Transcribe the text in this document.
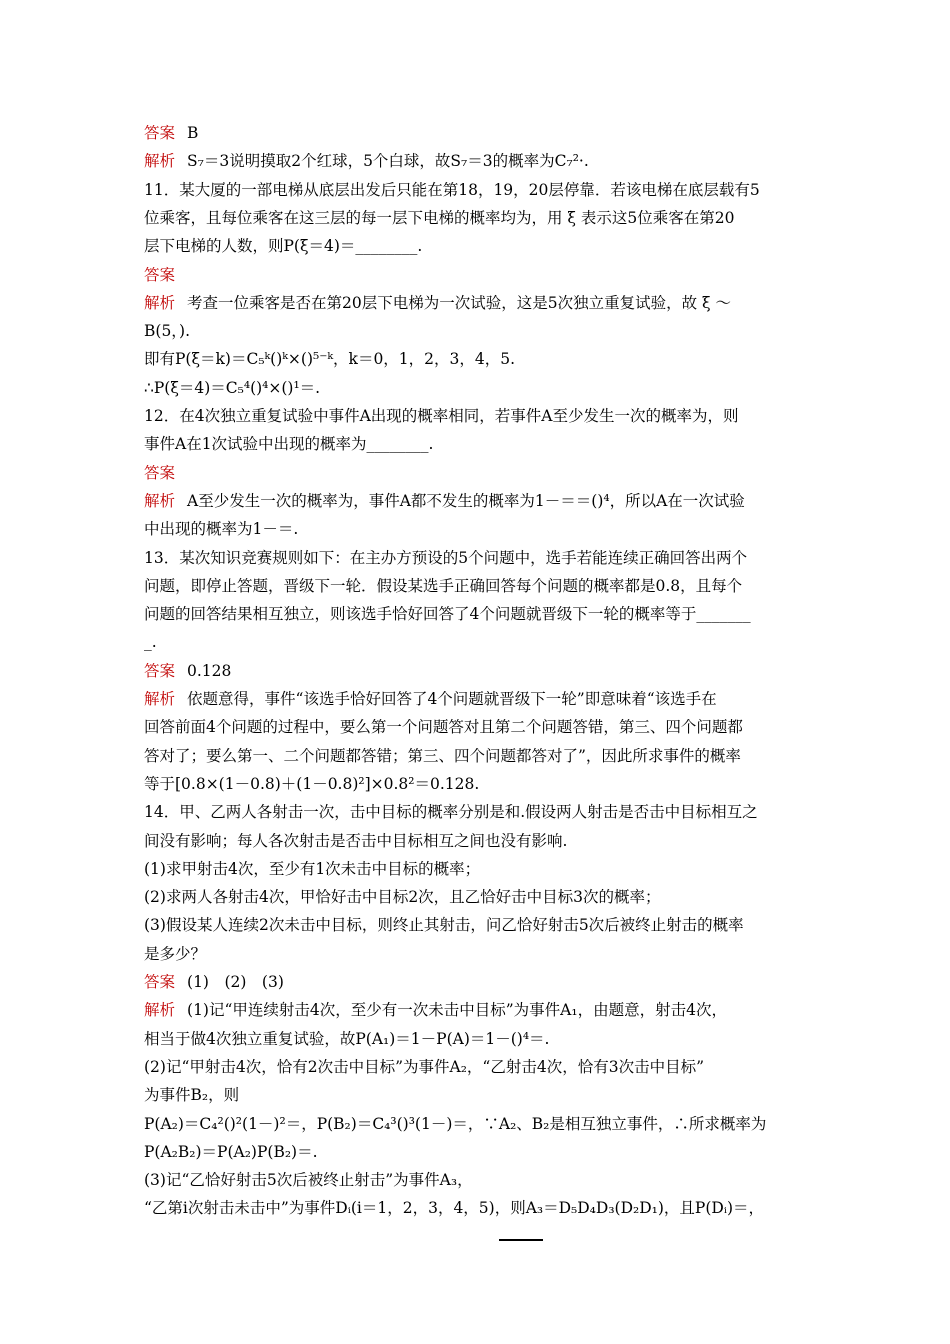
答案 B
解析 S₇＝3说明摸取2个红球，5个白球，故S₇＝3的概率为C₇²·.
11．某大厦的一部电梯从底层出发后只能在第18，19，20层停靠．若该电梯在底层载有5
位乘客，且每位乘客在这三层的每一层下电梯的概率均为，用 ξ 表示这5位乘客在第20
层下电梯的人数，则P(ξ＝4)＝________.
答案
解析 考查一位乘客是否在第20层下电梯为一次试验，这是5次独立重复试验，故 ξ ～
B(5，).
即有P(ξ＝k)＝C₅ᵏ()ᵏ×()⁵⁻ᵏ，k＝0，1，2，3，4，5.
∴P(ξ＝4)＝C₅⁴()⁴×()¹＝.
12．在4次独立重复试验中事件A出现的概率相同，若事件A至少发生一次的概率为，则
事件A在1次试验中出现的概率为________.
答案
解析 A至少发生一次的概率为，事件A都不发生的概率为1－＝＝()⁴，所以A在一次试验
中出现的概率为1－＝.
13．某次知识竞赛规则如下：在主办方预设的5个问题中，选手若能连续正确回答出两个
问题，即停止答题，晋级下一轮．假设某选手正确回答每个问题的概率都是0.8，且每个
问题的回答结果相互独立，则该选手恰好回答了4个问题就晋级下一轮的概率等于_______
_.
答案 0.128
解析 依题意得，事件“该选手恰好回答了4个问题就晋级下一轮”即意味着“该选手在
回答前面4个问题的过程中，要么第一个问题答对且第二个问题答错，第三、四个问题都
答对了；要么第一、二个问题都答错；第三、四个问题都答对了”，因此所求事件的概率
等于[0.8×(1－0.8)＋(1－0.8)²]×0.8²＝0.128.
14．甲、乙两人各射击一次，击中目标的概率分别是和.假设两人射击是否击中目标相互之
间没有影响；每人各次射击是否击中目标相互之间也没有影响.
(1)求甲射击4次，至少有1次未击中目标的概率；
(2)求两人各射击4次，甲恰好击中目标2次，且乙恰好击中目标3次的概率；
(3)假设某人连续2次未击中目标，则终止其射击，问乙恰好射击5次后被终止射击的概率
是多少？
答案 (1)　(2)　(3)
解析 (1)记“甲连续射击4次，至少有一次未击中目标”为事件A₁，由题意，射击4次，
相当于做4次独立重复试验，故P(A₁)＝1－P(A)＝1－()⁴＝.
(2)记“甲射击4次，恰有2次击中目标”为事件A₂，“乙射击4次，恰有3次击中目标”
为事件B₂，则
P(A₂)＝C₄²()²(1－)²＝，P(B₂)＝C₄³()³(1－)＝，∵A₂、B₂是相互独立事件，∴所求概率为
P(A₂B₂)＝P(A₂)P(B₂)＝.
(3)记“乙恰好射击5次后被终止射击”为事件A₃，
“乙第i次射击未击中”为事件Dᵢ(i＝1，2，3，4，5)，则A₃＝D₅D₄D₃(D₂D₁)，且P(Dᵢ)＝，
